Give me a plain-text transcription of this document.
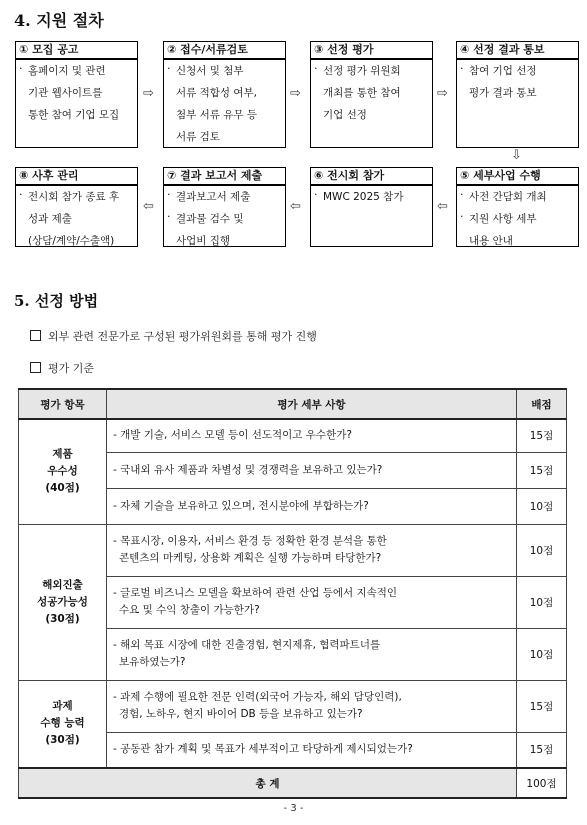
4. 지원 절차
① 모집 공고
· 홈페이지 및 관련
기관 웹사이트를
통한 참여 기업 모집
⇨
② 접수/서류검토
· 신청서 및 첨부
서류 적합성 여부,
첨부 서류 유무 등
서류 검토
⇨
③ 선정 평가
· 선정 평가 위원회
개최를 통한 참여
기업 선정
⇨
④ 선정 결과 통보
· 참여 기업 선정
평가 결과 통보
⇩
⑧ 사후 관리
· 전시회 참가 종료 후
성과 제출
(상담/계약/수출액)
⇦
⑦ 결과 보고서 제출
·
·
결과보고서 제출
결과물 검수 및
사업비 집행
⇦
⑥ 전시회 참가
· MWC 2025 참가
⇦
⑤ 세부사업 수행
·
·
사전 간담회 개최
지원 사항 세부
내용 안내
5. 선정 방법
외부 관련 전문가로 구성된 평가위원회를 통해 평가 진행
평가 기준
평가 항목	평가 세부 사항	배점
제품
우수성
(40점)	- 개발 기술, 서비스 모델 등이 선도적이고 우수한가?	15점
	- 국내외 유사 제품과 차별성 및 경쟁력을 보유하고 있는가?	15점
	- 자체 기술을 보유하고 있으며, 전시분야에 부합하는가?	10점
해외진출
성공가능성
(30점)	- 목표시장, 이용자, 서비스 환경 등 정확한 환경 분석을 통한
콘텐츠의 마케팅, 상용화 계획은 실행 가능하며 타당한가?	10점
	- 글로벌 비즈니스 모델을 확보하여 관련 산업 등에서 지속적인
수요 및 수익 창출이 가능한가?	10점
	- 해외 목표 시장에 대한 진출경험, 현지제휴, 협력파트너를
보유하였는가?	10점
과제
수행 능력
(30점)	- 과제 수행에 필요한 전문 인력(외국어 가능자, 해외 담당인력),
경험, 노하우, 현지 바이어 DB 등을 보유하고 있는가?	15점
	- 공동관 참가 계획 및 목표가 세부적이고 타당하게 제시되었는가?	15점
총 계		100점
- 3 -
